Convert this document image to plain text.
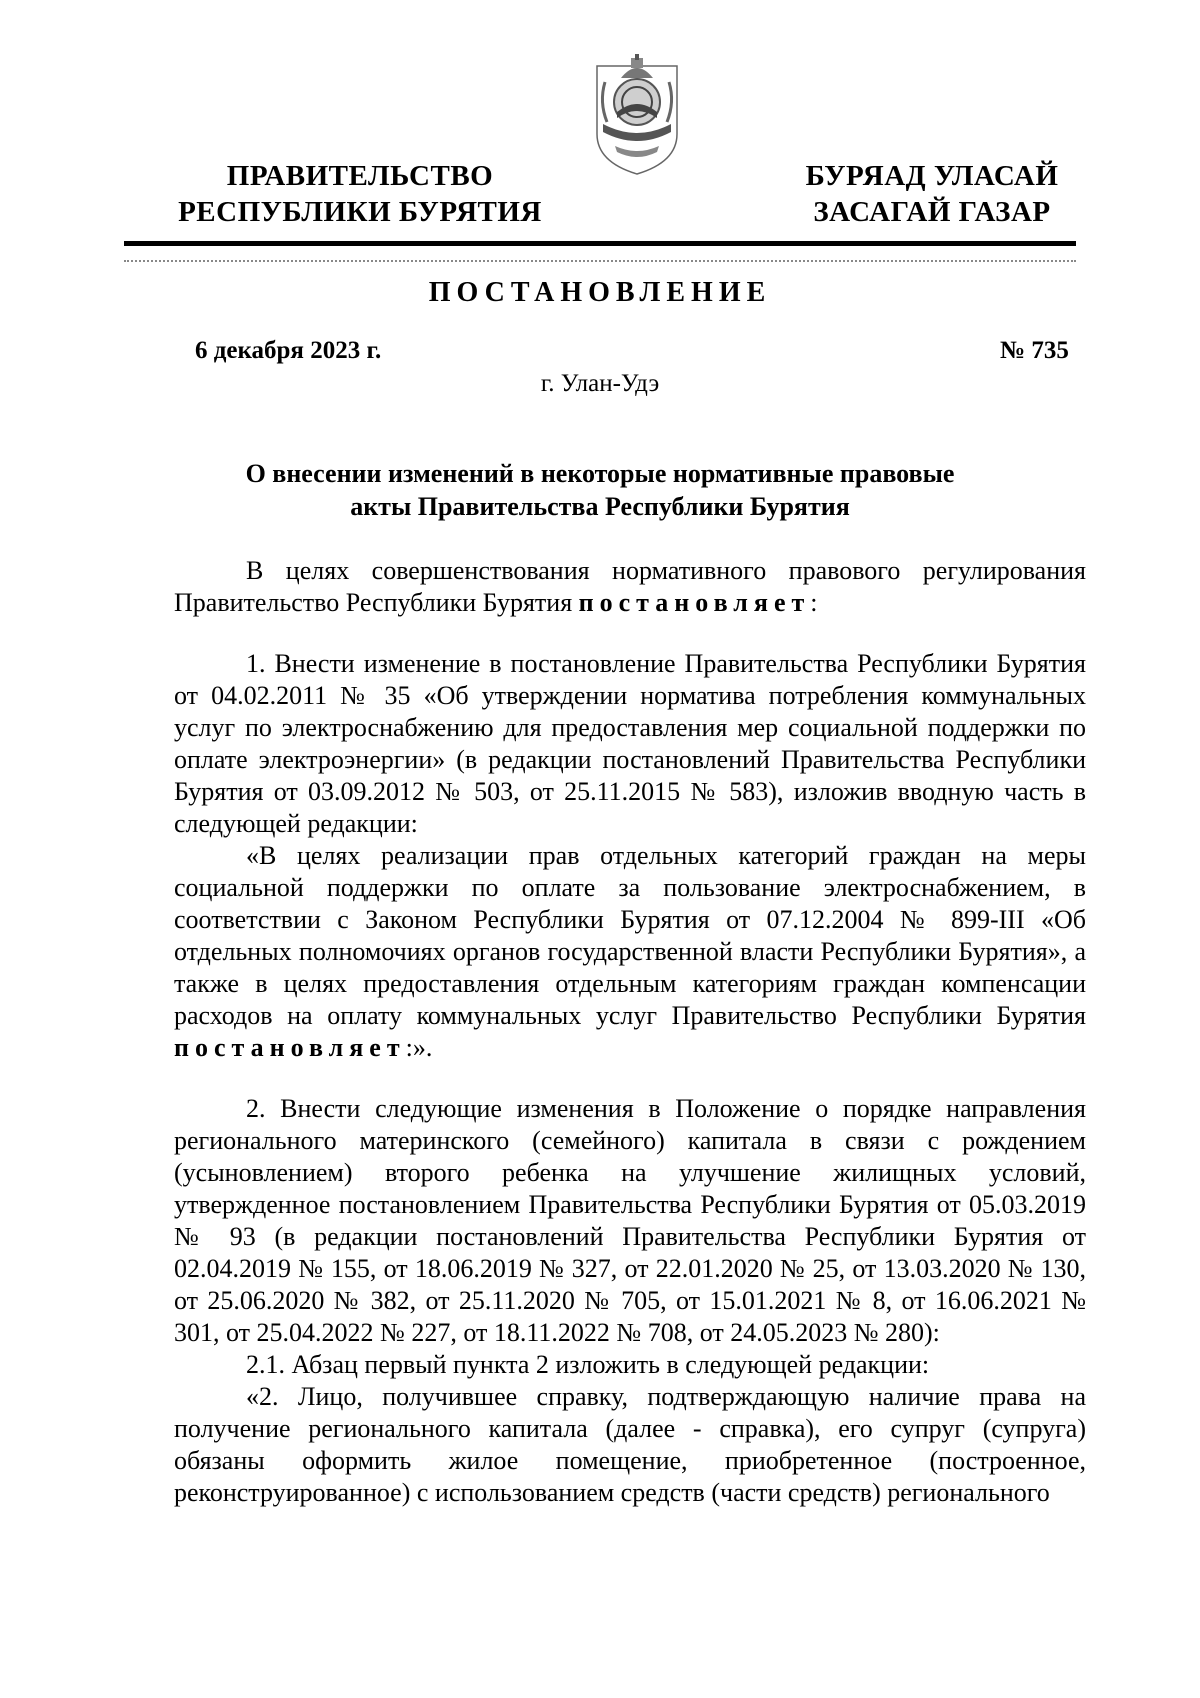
ПРАВИТЕЛЬСТВО
РЕСПУБЛИКИ БУРЯТИЯ
БУРЯАД УЛАСАЙ
ЗАСАГАЙ ГАЗАР
ПОСТАНОВЛЕНИЕ
6 декабря 2023 г.	№ 735
г. Улан-Удэ
О внесении изменений в некоторые нормативные правовые
акты Правительства Республики Бурятия

В целях совершенствования нормативного правового регулирования Правительство Республики Бурятия постановляет:

1. Внести изменение в постановление Правительства Республики Бурятия от 04.02.2011 № 35 «Об утверждении норматива потребления коммунальных услуг по электроснабжению для предоставления мер социальной поддержки по оплате электроэнергии» (в редакции постановлений Правительства Республики Бурятия от 03.09.2012 № 503, от 25.11.2015 № 583), изложив вводную часть в следующей редакции:

«В целях реализации прав отдельных категорий граждан на меры социальной поддержки по оплате за пользование электроснабжением, в соответствии с Законом Республики Бурятия от 07.12.2004 № 899-III «Об отдельных полномочиях органов государственной власти Республики Бурятия», а также в целях предоставления отдельным категориям граждан компенсации расходов на оплату коммунальных услуг Правительство Республики Бурятия постановляет:».

2. Внести следующие изменения в Положение о порядке направления регионального материнского (семейного) капитала в связи с рождением (усыновлением) второго ребенка на улучшение жилищных условий, утвержденное постановлением Правительства Республики Бурятия от 05.03.2019 № 93 (в редакции постановлений Правительства Республики Бурятия от 02.04.2019 № 155, от 18.06.2019 № 327, от 22.01.2020 № 25, от 13.03.2020 № 130, от 25.06.2020 № 382, от 25.11.2020 № 705, от 15.01.2021 № 8, от 16.06.2021 № 301, от 25.04.2022 № 227, от 18.11.2022 № 708, от 24.05.2023 № 280):

2.1. Абзац первый пункта 2 изложить в следующей редакции:

«2. Лицо, получившее справку, подтверждающую наличие права на получение регионального капитала (далее - справка), его супруг (супруга) обязаны оформить жилое помещение, приобретенное (построенное, реконструированное) с использованием средств (части средств) регионального
